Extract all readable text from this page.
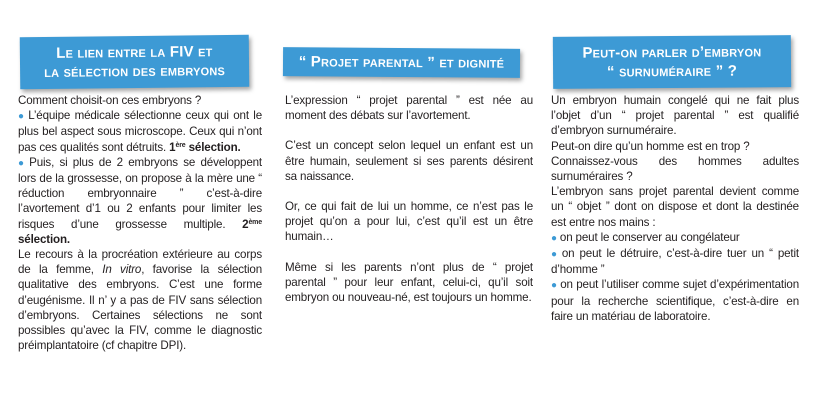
Le lien entre la FIV et
la sélection des embryons	“ Projet parental ” et dignité
Peut-on parler d’embryon
“ surnuméraire ” ?

Comment choisit-on ces embryons ?

● L’équipe médicale sélectionne ceux qui ont le plus bel aspect sous microscope. Ceux qui n’ont pas ces qualités sont détruits. 1ère sélection.

● Puis, si plus de 2 embryons se développent lors de la grossesse, on propose à la mère une “ réduction embryonnaire ” c’est-à-dire l’avortement d’1 ou 2 enfants pour limiter les risques d’une grossesse multiple. 2ème sélection.

Le recours à la procréation extérieure au corps de la femme, In vitro, favorise la sélection qualitative des embryons. C’est une forme d’eugénisme. Il n’ y a pas de FIV sans sélection d’embryons. Certaines sélections ne sont possibles qu’avec la FIV, comme le diagnostic préimplantatoire (cf chapitre DPI).

L’expression “ projet parental ” est née au moment des débats sur l’avortement.

C’est un concept selon lequel un enfant est un être humain, seulement si ses parents désirent sa naissance.

Or, ce qui fait de lui un homme, ce n’est pas le projet qu’on a pour lui, c’est qu’il est un être humain…

Même si les parents n’ont plus de “ projet parental ” pour leur enfant, celui-ci, qu’il soit embryon ou nouveau-né, est toujours un homme.

Un embryon humain congelé qui ne fait plus l’objet d’un “ projet parental ” est qualifié d’embryon surnuméraire.

Peut-on dire qu’un homme est en trop ?

Connaissez-vous des hommes adultes surnuméraires ?

L’embryon sans projet parental devient comme un “ objet ” dont on dispose et dont la destinée est entre nos mains :

● on peut le conserver au congélateur

● on peut le détruire, c’est-à-dire tuer un “ petit d’homme ”

● on peut l’utiliser comme sujet d’expérimentation pour la recherche scientifique, c’est-à-dire en faire un matériau de laboratoire.
